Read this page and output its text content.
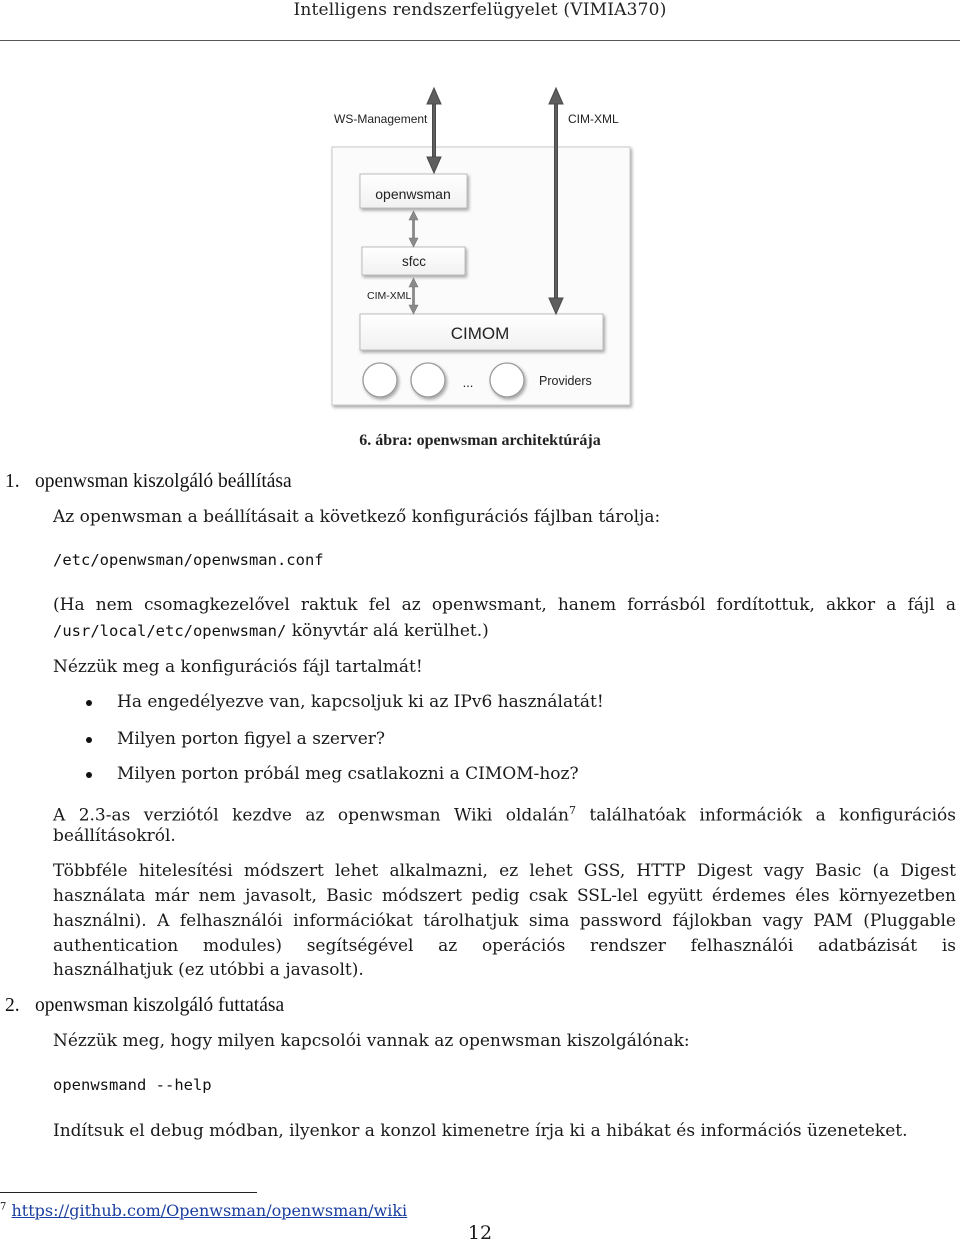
Intelligens rendszerfelügyelet (VIMIA370)
WS-Management	CIM-XML
openwsman
sfcc
CIM-XML
CIMOM
...	Providers
6. ábra: openwsman architektúrája
1. openwsman kiszolgáló beállítása
Az openwsman a beállításait a következő konfigurációs fájlban tárolja:
/etc/openwsman/openwsman.conf
(Ha nem csomagkezelővel raktuk fel az openwsmant, hanem forrásból fordítottuk, akkor a fájl a
/usr/local/etc/openwsman/ könyvtár alá kerülhet.)
Nézzük meg a konfigurációs fájl tartalmát!
Ha engedélyezve van, kapcsoljuk ki az IPv6 használatát!
Milyen porton figyel a szerver?
Milyen porton próbál meg csatlakozni a CIMOM-hoz?
A 2.3-as verziótól kezdve az openwsman Wiki oldalán$^7$ találhatóak információk a konfigurációs
beállításokról.
Többféle hitelesítési módszert lehet alkalmazni, ez lehet GSS, HTTP Digest vagy Basic (a Digest
használata már nem javasolt, Basic módszert pedig csak SSL-lel együtt érdemes éles környezetben
használni). A felhasználói információkat tárolhatjuk sima password fájlokban vagy PAM (Pluggable
authentication modules) segítségével az operációs rendszer felhasználói adatbázisát is
használhatjuk (ez utóbbi a javasolt).
2. openwsman kiszolgáló futtatása
Nézzük meg, hogy milyen kapcsolói vannak az openwsman kiszolgálónak:
openwsmand --help
Indítsuk el debug módban, ilyenkor a konzol kimenetre írja ki a hibákat és információs üzeneteket.
$^7$ https://github.com/Openwsman/openwsman/wiki
12
